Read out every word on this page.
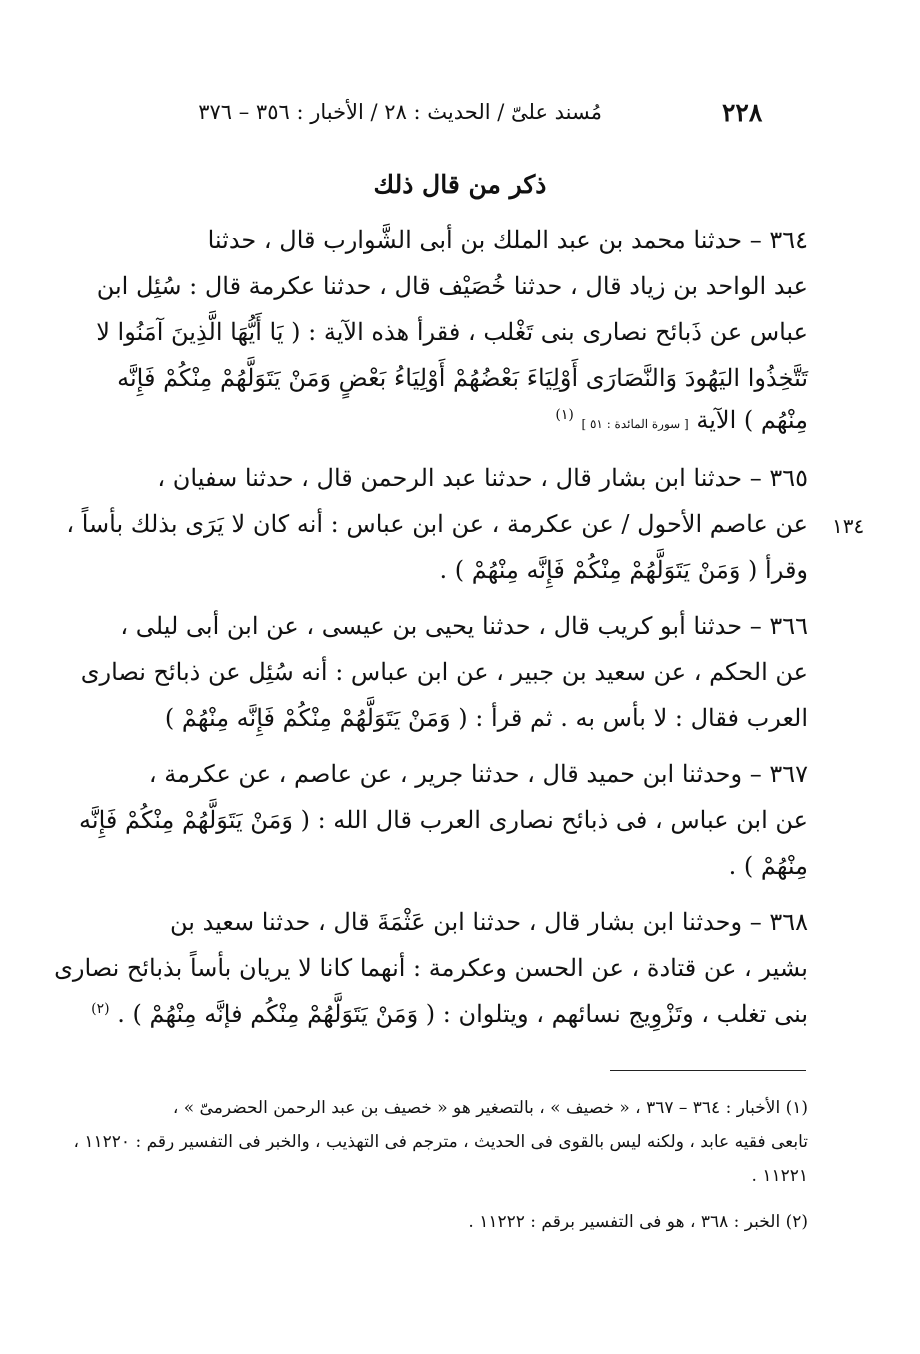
٢٢٨
مُسند علىّ / الحديث : ٢٨ / الأخبار : ٣٥٦ – ٣٧٦
ذكر من قال ذلك
٣٦٤ – حدثنا محمد بن عبد الملك بن أبى الشَّوارب قال ، حدثنا
عبد الواحد بن زياد قال ، حدثنا خُصَيْف قال ، حدثنا عكرمة قال : سُئِل ابن
عباس عن ذَبائح نصارى بنى تَغْلب ، فقرأ هذه الآية : ( يَا أَيُّهَا الَّذِينَ آمَنُوا لا
تَتَّخِذُوا اليَهُودَ وَالنَّصَارَى أَوْلِيَاءَ بَعْضُهُمْ أَوْلِيَاءُ بَعْضٍ وَمَنْ يَتَوَلَّهُمْ مِنْكُمْ فَإِنَّه
مِنْهُم ) الآية [ سورة المائدة : ٥١ ] $^{(١)}$
٣٦٥ – حدثنا ابن بشار قال ، حدثنا عبد الرحمن قال ، حدثنا سفيان ،
عن عاصم الأحول / عن عكرمة ، عن ابن عباس : أنه كان لا يَرَى بذلك بأساً ،
وقرأ ( وَمَنْ يَتَوَلَّهُمْ مِنْكُمْ فَإِنَّه مِنْهُمْ ) .
١٣٤
٣٦٦ – حدثنا أبو كريب قال ، حدثنا يحيى بن عيسى ، عن ابن أبى ليلى ،
عن الحكم ، عن سعيد بن جبير ، عن ابن عباس : أنه سُئِل عن ذبائح نصارى
العرب فقال : لا بأس به . ثم قرأ : ( وَمَنْ يَتَوَلَّهُمْ مِنْكُمْ فَإِنَّه مِنْهُمْ )
٣٦٧ – وحدثنا ابن حميد قال ، حدثنا جرير ، عن عاصم ، عن عكرمة ،
عن ابن عباس ، فى ذبائح نصارى العرب قال الله : ( وَمَنْ يَتَوَلَّهُمْ مِنْكُمْ فَإِنَّه
مِنْهُمْ ) .
٣٦٨ – وحدثنا ابن بشار قال ، حدثنا ابن عَثْمَةَ قال ، حدثنا سعيد بن
بشير ، عن قتادة ، عن الحسن وعكرمة : أنهما كانا لا يريان بأساً بذبائح نصارى
بنى تغلب ، وتَزْوِيج نسائهم ، ويتلوان : ( وَمَنْ يَتَوَلَّهُمْ مِنْكُم فإنَّه مِنْهُمْ ) . $^{(٢)}$
(١) الأخبار : ٣٦٤ – ٣٦٧ ، « خصيف » ، بالتصغير هو « خصيف بن عبد الرحمن الحضرمىّ » ،
تابعى فقيه عابد ، ولكنه ليس بالقوى فى الحديث ، مترجم فى التهذيب ، والخبر فى التفسير رقم : ١١٢٢٠ ،
١١٢٢١ .
(٢) الخبر : ٣٦٨ ، هو فى التفسير برقم : ١١٢٢٢ .
